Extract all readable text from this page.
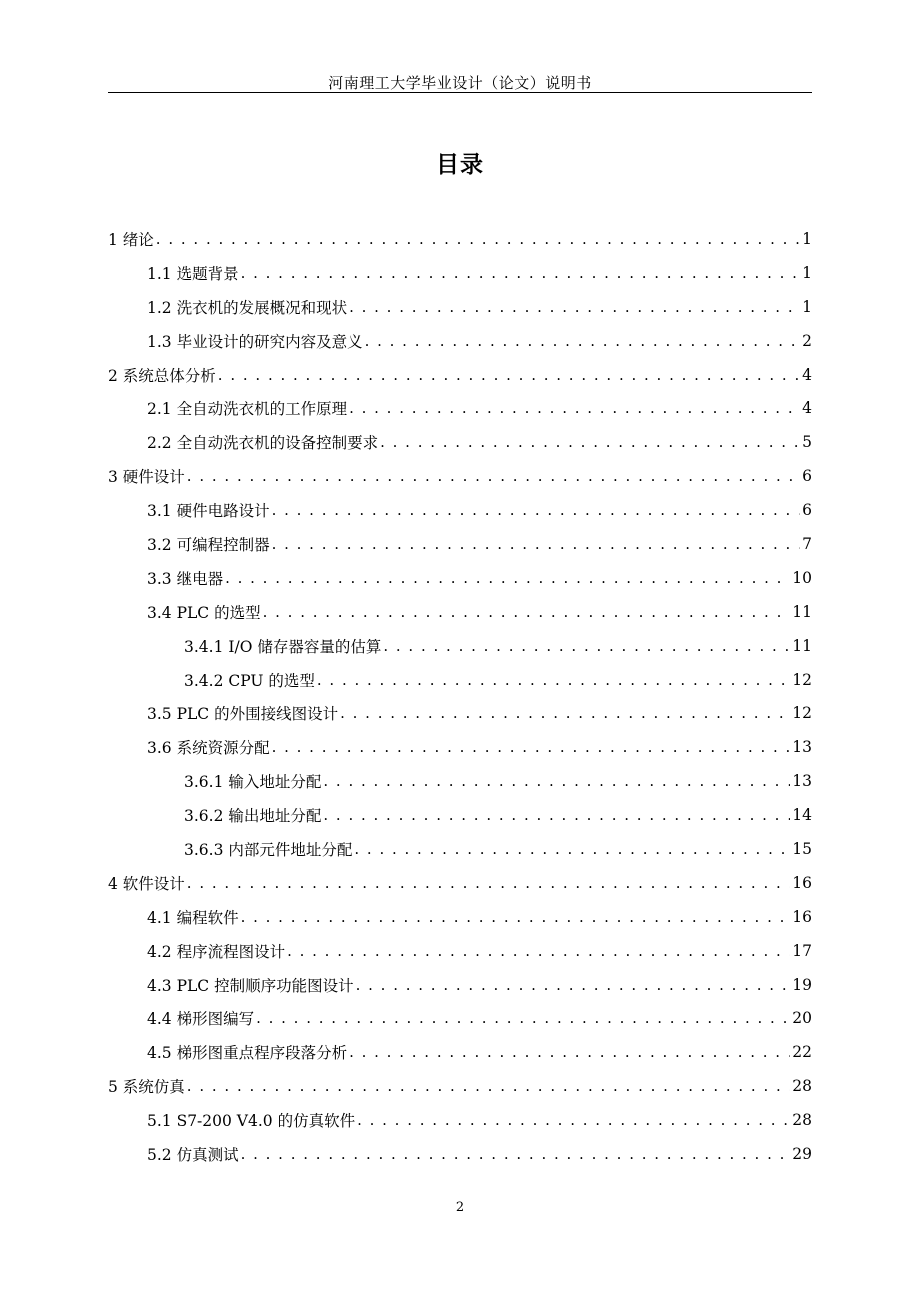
河南理工大学毕业设计（论文）说明书
目录
1 绪论 . . .	1
1.1 选题背景 . . .	1
1.2 洗衣机的发展概况和现状 . . .	1
1.3 毕业设计的研究内容及意义 . . .	2
2 系统总体分析 . . .	4
2.1 全自动洗衣机的工作原理 . . .	4
2.2 全自动洗衣机的设备控制要求 . . .	5
3 硬件设计 . . .	6
3.1 硬件电路设计 . . .	6
3.2 可编程控制器 . . .	7
3.3 继电器 . . .	10
3.4 PLC 的选型 . . .	11
3.4.1 I/O 储存器容量的估算 . . .	11
3.4.2 CPU 的选型 . . .	12
3.5 PLC 的外围接线图设计 . . .	12
3.6 系统资源分配 . . .	13
3.6.1 输入地址分配 . . .	13
3.6.2 输出地址分配 . . .	14
3.6.3 内部元件地址分配 . . .	15
4 软件设计 . . .	16
4.1 编程软件 . . .	16
4.2 程序流程图设计 . . .	17
4.3 PLC 控制顺序功能图设计 . . .	19
4.4 梯形图编写 . . .	20
4.5 梯形图重点程序段落分析 . . .	22
5 系统仿真 . . .	28
5.1 S7-200 V4.0 的仿真软件 . . .	28
5.2 仿真测试 . . .	29
2
